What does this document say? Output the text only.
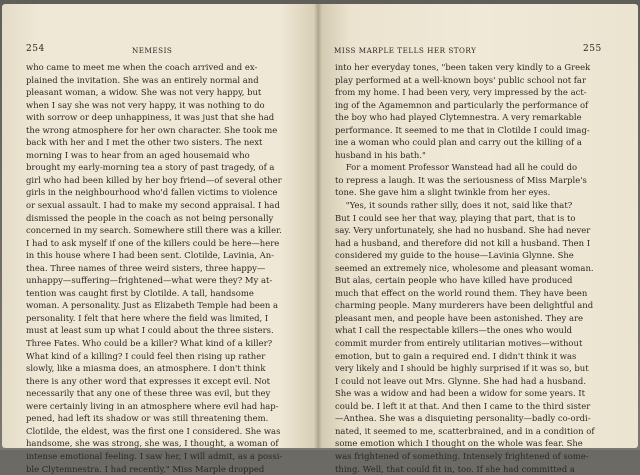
254	NEMESIS
who came to meet me when the coach arrived and ex-
plained the invitation. She was an entirely normal and
pleasant woman, a widow. She was not very happy, but
when I say she was not very happy, it was nothing to do
with sorrow or deep unhappiness, it was just that she had
the wrong atmosphere for her own character. She took me
back with her and I met the other two sisters. The next
morning I was to hear from an aged housemaid who
brought my early-morning tea a story of past tragedy, of a
girl who had been killed by her boy friend—of several other
girls in the neighbourhood who'd fallen victims to violence
or sexual assault. I had to make my second appraisal. I had
dismissed the people in the coach as not being personally
concerned in my search. Somewhere still there was a killer.
I had to ask myself if one of the killers could be here—here
in this house where I had been sent. Clotilde, Lavinia, An-
thea. Three names of three weird sisters, three happy—
unhappy—suffering—frightened—what were they? My at-
tention was caught first by Clotilde. A tall, handsome
woman. A personality. Just as Elizabeth Temple had been a
personality. I felt that here where the field was limited, I
must at least sum up what I could about the three sisters.
Three Fates. Who could be a killer? What kind of a killer?
What kind of a killing? I could feel then rising up rather
slowly, like a miasma does, an atmosphere. I don't think
there is any other word that expresses it except evil. Not
necessarily that any one of these three was evil, but they
were certainly living in an atmosphere where evil had hap-
pened, had left its shadow or was still threatening them.
Clotilde, the eldest, was the first one I considered. She was
handsome, she was strong, she was, I thought, a woman of
intense emotional feeling. I saw her, I will admit, as a possi-
ble Clytemnestra. I had recently," Miss Marple dropped
MISS MARPLE TELLS HER STORY	255
into her everyday tones, "been taken very kindly to a Greek
play performed at a well-known boys' public school not far
from my home. I had been very, very impressed by the act-
ing of the Agamemnon and particularly the performance of
the boy who had played Clytemnestra. A very remarkable
performance. It seemed to me that in Clotilde I could imag-
ine a woman who could plan and carry out the killing of a
husband in his bath."
For a moment Professor Wanstead had all he could do
to repress a laugh. It was the seriousness of Miss Marple's
tone. She gave him a slight twinkle from her eyes.
"Yes, it sounds rather silly, does it not, said like that?
But I could see her that way, playing that part, that is to
say. Very unfortunately, she had no husband. She had never
had a husband, and therefore did not kill a husband. Then I
considered my guide to the house—Lavinia Glynne. She
seemed an extremely nice, wholesome and pleasant woman.
But alas, certain people who have killed have produced
much that effect on the world round them. They have been
charming people. Many murderers have been delightful and
pleasant men, and people have been astonished. They are
what I call the respectable killers—the ones who would
commit murder from entirely utilitarian motives—without
emotion, but to gain a required end. I didn't think it was
very likely and I should be highly surprised if it was so, but
I could not leave out Mrs. Glynne. She had had a husband.
She was a widow and had been a widow for some years. It
could be. I left it at that. And then I came to the third sister
—Anthea. She was a disquieting personality—badly co-ordi-
nated, it seemed to me, scatterbrained, and in a condition of
some emotion which I thought on the whole was fear. She
was frightened of something. Intensely frightened of some-
thing. Well, that could fit in, too. If she had committed a
